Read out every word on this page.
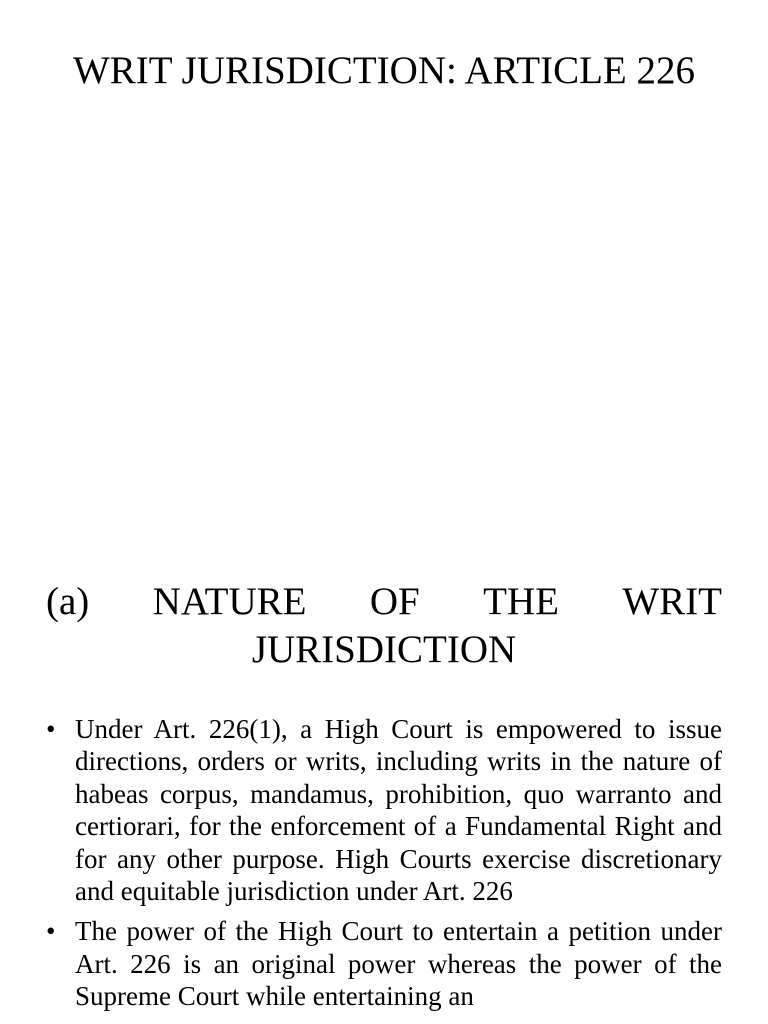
WRIT JURISDICTION: ARTICLE 226
(a) NATURE OF THE WRIT
JURISDICTION
• Under Art. 226(1), a High Court is empowered to issue directions, orders or writs, including writs in the nature of habeas corpus, mandamus, prohibition, quo warranto and certiorari, for the enforcement of a Fundamental Right and for any other purpose. High Courts exercise discretionary and equitable jurisdiction under Art. 226
• The power of the High Court to entertain a petition under Art. 226 is an original power whereas the power of the Supreme Court while entertaining an
